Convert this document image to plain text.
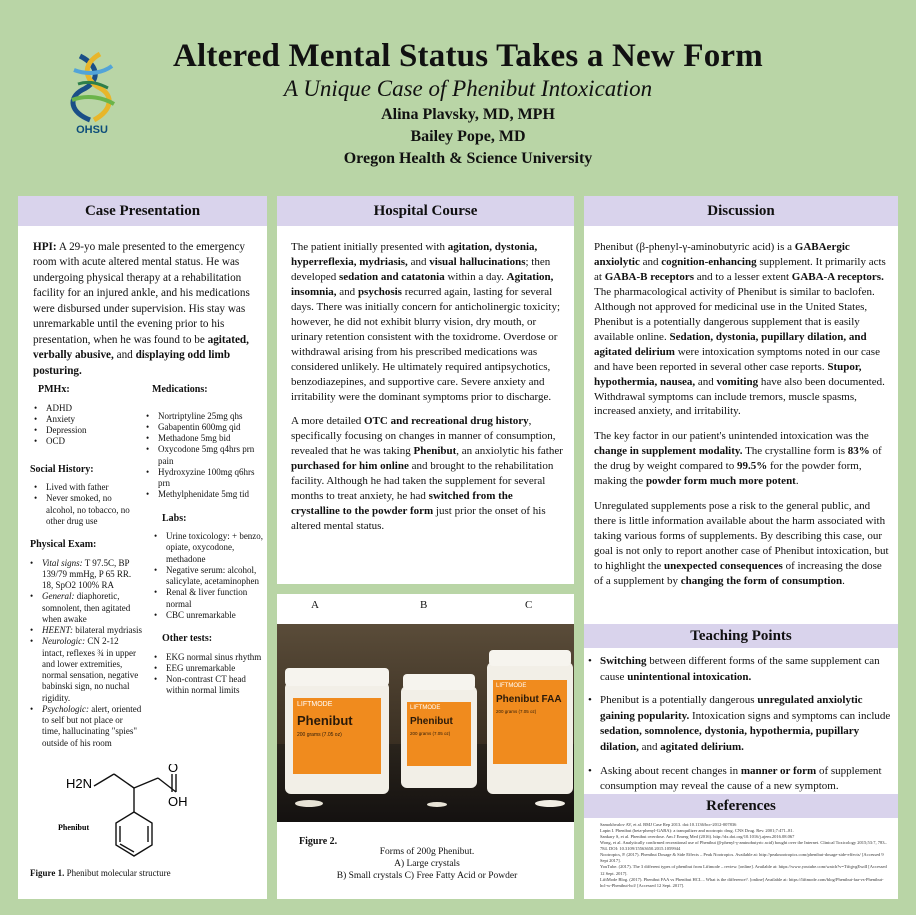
OHSU
Altered Mental Status Takes a New Form
A Unique Case of Phenibut Intoxication
Alina Plavsky, MD, MPH
Bailey Pope, MD
Oregon Health & Science University
Case Presentation
HPI: A 29-yo male presented to the emergency room with acute altered mental status. He was undergoing physical therapy at a rehabilitation facility for an injured ankle, and his medications were disbursed under supervision. His stay was unremarkable until the evening prior to his presentation, when he was found to be agitated, verbally abusive, and displaying odd limb posturing.
PMHx:
• ADHD
• Anxiety
• Depression
• OCD
Social History:
• Lived with father
• Never smoked, no alcohol, no tobacco, no other drug use
Physical Exam:
• Vital signs: T 97.5C, BP 139/79 mmHg, P 65 RR. 18, SpO2 100% RA
• General: diaphoretic, somnolent, then agitated when awake
• HEENT: bilateral mydriasis
• Neurologic: CN 2-12 intact, reflexes ¾ in upper and lower extremities, normal sensation, negative babinski sign, no nuchal rigidity.
• Psychologic: alert, oriented to self but not place or time, hallucinating "spies" outside of his room
Medications:
• Nortriptyline 25mg qhs
• Gabapentin 600mg qid
• Methadone 5mg bid
• Oxycodone 5mg q4hrs prn pain
• Hydroxyzine 100mg q6hrs prn
• Methylphenidate 5mg tid
Labs:
• Urine toxicology: + benzo, opiate, oxycodone, methadone
• Negative serum: alcohol, salicylate, acetaminophen
• Renal & liver function normal
• CBC unremarkable
Other tests:
• EKG normal sinus rhythm
• EEG unremarkable
• Non-contrast CT head within normal limits
H2N
O
OH
Phenibut
Figure 1. Phenibut molecular structure
Hospital Course

The patient initially presented with agitation, dystonia, hyperreflexia, mydriasis, and visual hallucinations; then developed sedation and catatonia within a day. Agitation, insomnia, and psychosis recurred again, lasting for several days. There was initially concern for anticholinergic toxicity; however, he did not exhibit blurry vision, dry mouth, or urinary retention consistent with the toxidrome. Overdose or withdrawal arising from his prescribed medications was considered unlikely. He ultimately required antipsychotics, benzodiazepines, and supportive care. Severe anxiety and irritability were the dominant symptoms prior to discharge.

A more detailed OTC and recreational drug history, specifically focusing on changes in manner of consumption, revealed that he was taking Phenibut, an anxiolytic his father purchased for him online and brought to the rehabilitation facility. Although he had taken the supplement for several months to treat anxiety, he had switched from the crystalline to the powder form just prior the onset of his altered mental status.

A	B	C
LIFTMODE
Phenibut
200 grams (7.05 oz)
LIFTMODE
Phenibut
200 grams (7.05 oz)
LIFTMODE
Phenibut FAA
200 grams (7.05 oz)
Figure 2.
Forms of 200g Phenibut.
A) Large crystals
B) Small crystals C) Free Fatty Acid or Powder
Discussion

Phenibut (β-phenyl-γ-aminobutyric acid) is a GABAergic anxiolytic and cognition-enhancing supplement. It primarily acts at GABA-B receptors and to a lesser extent GABA-A receptors. The pharmacological activity of Phenibut is similar to baclofen. Although not approved for medicinal use in the United States, Phenibut is a potentially dangerous supplement that is easily available online. Sedation, dystonia, pupillary dilation, and agitated delirium were intoxication symptoms noted in our case and have been reported in several other case reports. Stupor, hypothermia, nausea, and vomiting have also been documented. Withdrawal symptoms can include tremors, muscle spasms, increased anxiety, and irritability.

The key factor in our patient's unintended intoxication was the change in supplement modality. The crystalline form is 83% of the drug by weight compared to 99.5% for the powder form, making the powder form much more potent.

Unregulated supplements pose a risk to the general public, and there is little information available about the harm associated with taking various forms of supplements. By describing this case, our goal is not only to report another case of Phenibut intoxication, but to highlight the unexpected consequences of increasing the dose of a supplement by changing the form of consumption.

Teaching Points
• Switching between different forms of the same supplement can cause unintentional intoxication.
• Phenibut is a potentially dangerous unregulated anxiolytic gaining popularity. Intoxication signs and symptoms can include sedation, somnolence, dystonia, hypothermia, pupillary dilation, and agitated delirium.
• Asking about recent changes in manner or form of supplement consumption may reveal the cause of a new symptom.
References
Samokhvalov AV, et al. BMJ Case Rep 2013. doi:10.1136/bcr-2012-007836
Lapin I. Phenibut (beta-phenyl-GABA): a tranquilizer and nootropic drug. CNS Drug. Rev. 2001;7:471–81.
Sankary S, et al. Phenibut overdose. Am J Emerg Med (2016). http://dx.doi.org/10.1016/j.ajem.2016.08.067
Wong, et al. Analytically confirmed recreational use of Phenibut (β-phenyl-γ-aminobutyric acid) bought over the Internet. Clinical Toxicology 2015;53:7, 783–784. DOI: 10.3109/15563650.2015.1059944
Nootropics, P. (2017). Phenibut Dosage & Side Effects – Peak Nootropics. Available at: http://peaknootropics.com/phenibut-dosage-side-effects/ [Accessed 9 Sept 2017].
YouTube. (2017). The 3 different types of phenibut from Liftmode – review. [online]. Available at: https://www.youtube.com/watch?v=TtfqjvgEwdI [Accessed 12 Sept. 2017].
LiftMode Blog. (2017). Phenibut FAA vs Phenibut HCL – What is the difference?. [online] Available at: https://liftmode.com/blog/Phenibut-faa-vs-Phenibut-hcl-w-Phenibut-hcl/ [Accessed 12 Sept. 2017].
